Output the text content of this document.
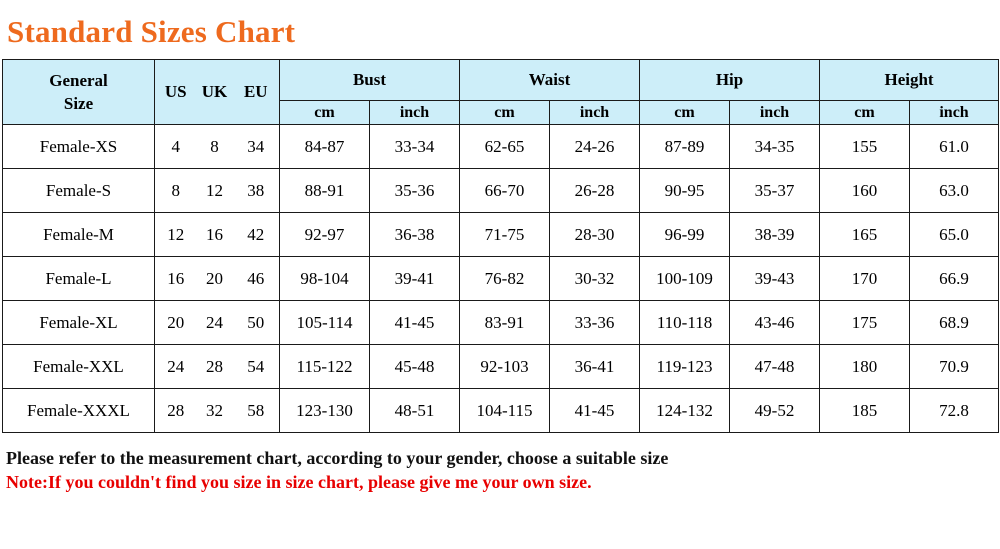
Standard Sizes Chart
General
Size	US	UK	EU	Bust		Waist		Hip		Height	
				cm	inch	cm	inch	cm	inch	cm	inch
Female-XS	4	8	34	84-87	33-34	62-65	24-26	87-89	34-35	155	61.0
Female-S	8	12	38	88-91	35-36	66-70	26-28	90-95	35-37	160	63.0
Female-M	12	16	42	92-97	36-38	71-75	28-30	96-99	38-39	165	65.0
Female-L	16	20	46	98-104	39-41	76-82	30-32	100-109	39-43	170	66.9
Female-XL	20	24	50	105-114	41-45	83-91	33-36	110-118	43-46	175	68.9
Female-XXL	24	28	54	115-122	45-48	92-103	36-41	119-123	47-48	180	70.9
Female-XXXL	28	32	58	123-130	48-51	104-115	41-45	124-132	49-52	185	72.8
Please refer to the measurement chart, according to your gender, choose a suitable size
Note:If you couldn't find you size in size chart, please give me your own size.
